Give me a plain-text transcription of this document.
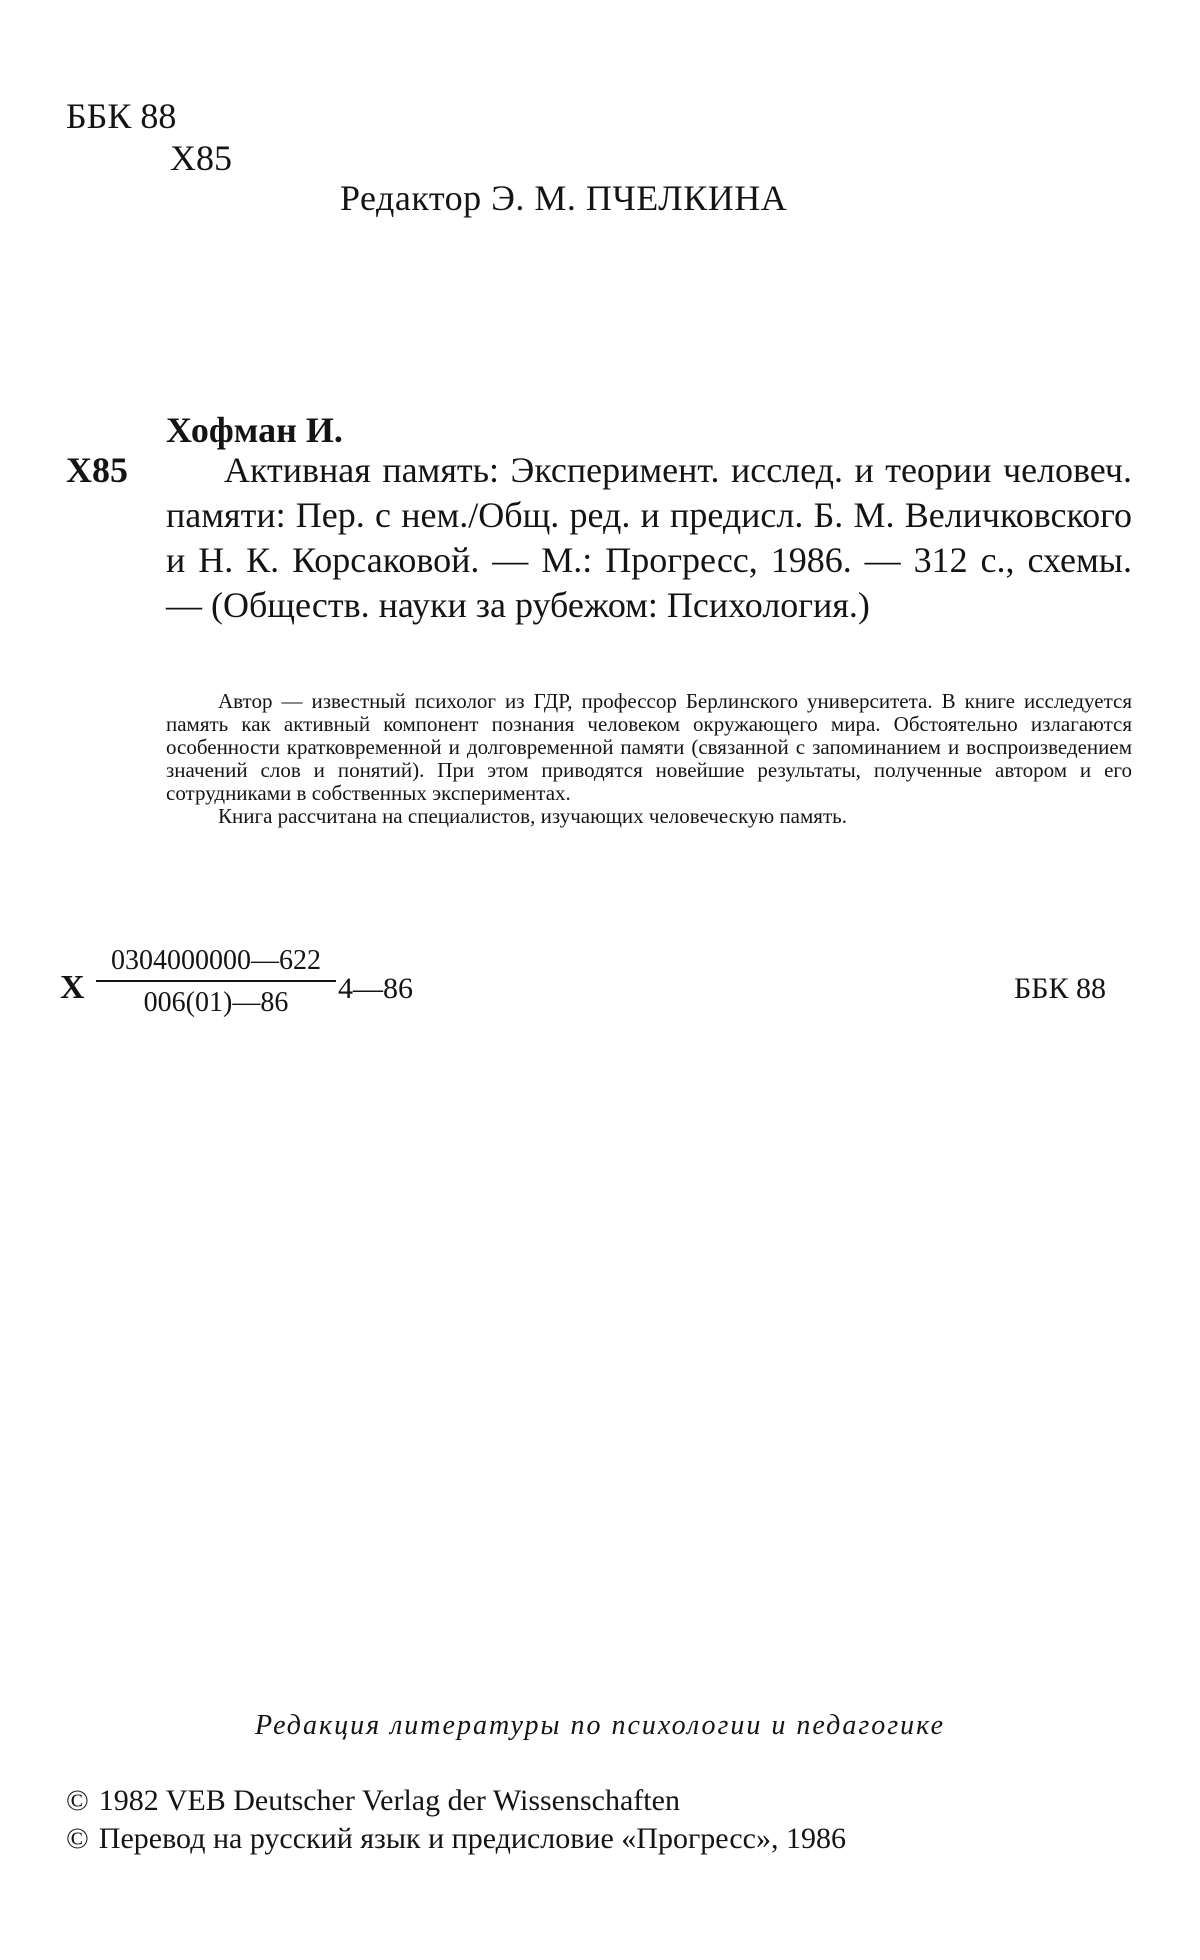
ББК 88
Х85
Редактор Э. М. ПЧЕЛКИНА
Хофман И.
Х85	Активная память: Эксперимент. исслед. и теории человеч. памяти: Пер. с нем./Общ. ред. и предисл. Б. М. Величковского и Н. К. Корсаковой. — М.: Прогресс, 1986. — 312 с., схемы. — (Обществ. науки за рубежом: Психология.)

Автор — известный психолог из ГДР, профессор Берлинского университета. В книге исследуется память как активный компонент познания человеком окружающего мира. Обстоятельно излагаются особенности кратковременной и долговременной памяти (связанной с запоминанием и воспроизведением значений слов и понятий). При этом приводятся новейшие результаты, полученные автором и его сотрудниками в собственных экспериментах.

Книга рассчитана на специалистов, изучающих человеческую память.

Х $\frac{0304000000—622}{006(01)—86}$ 4—86	ББК 88
Редакция литературы по психологии и педагогике
© 1982 VEB Deutscher Verlag der Wissenschaften
© Перевод на русский язык и предисловие «Прогресс», 1986
